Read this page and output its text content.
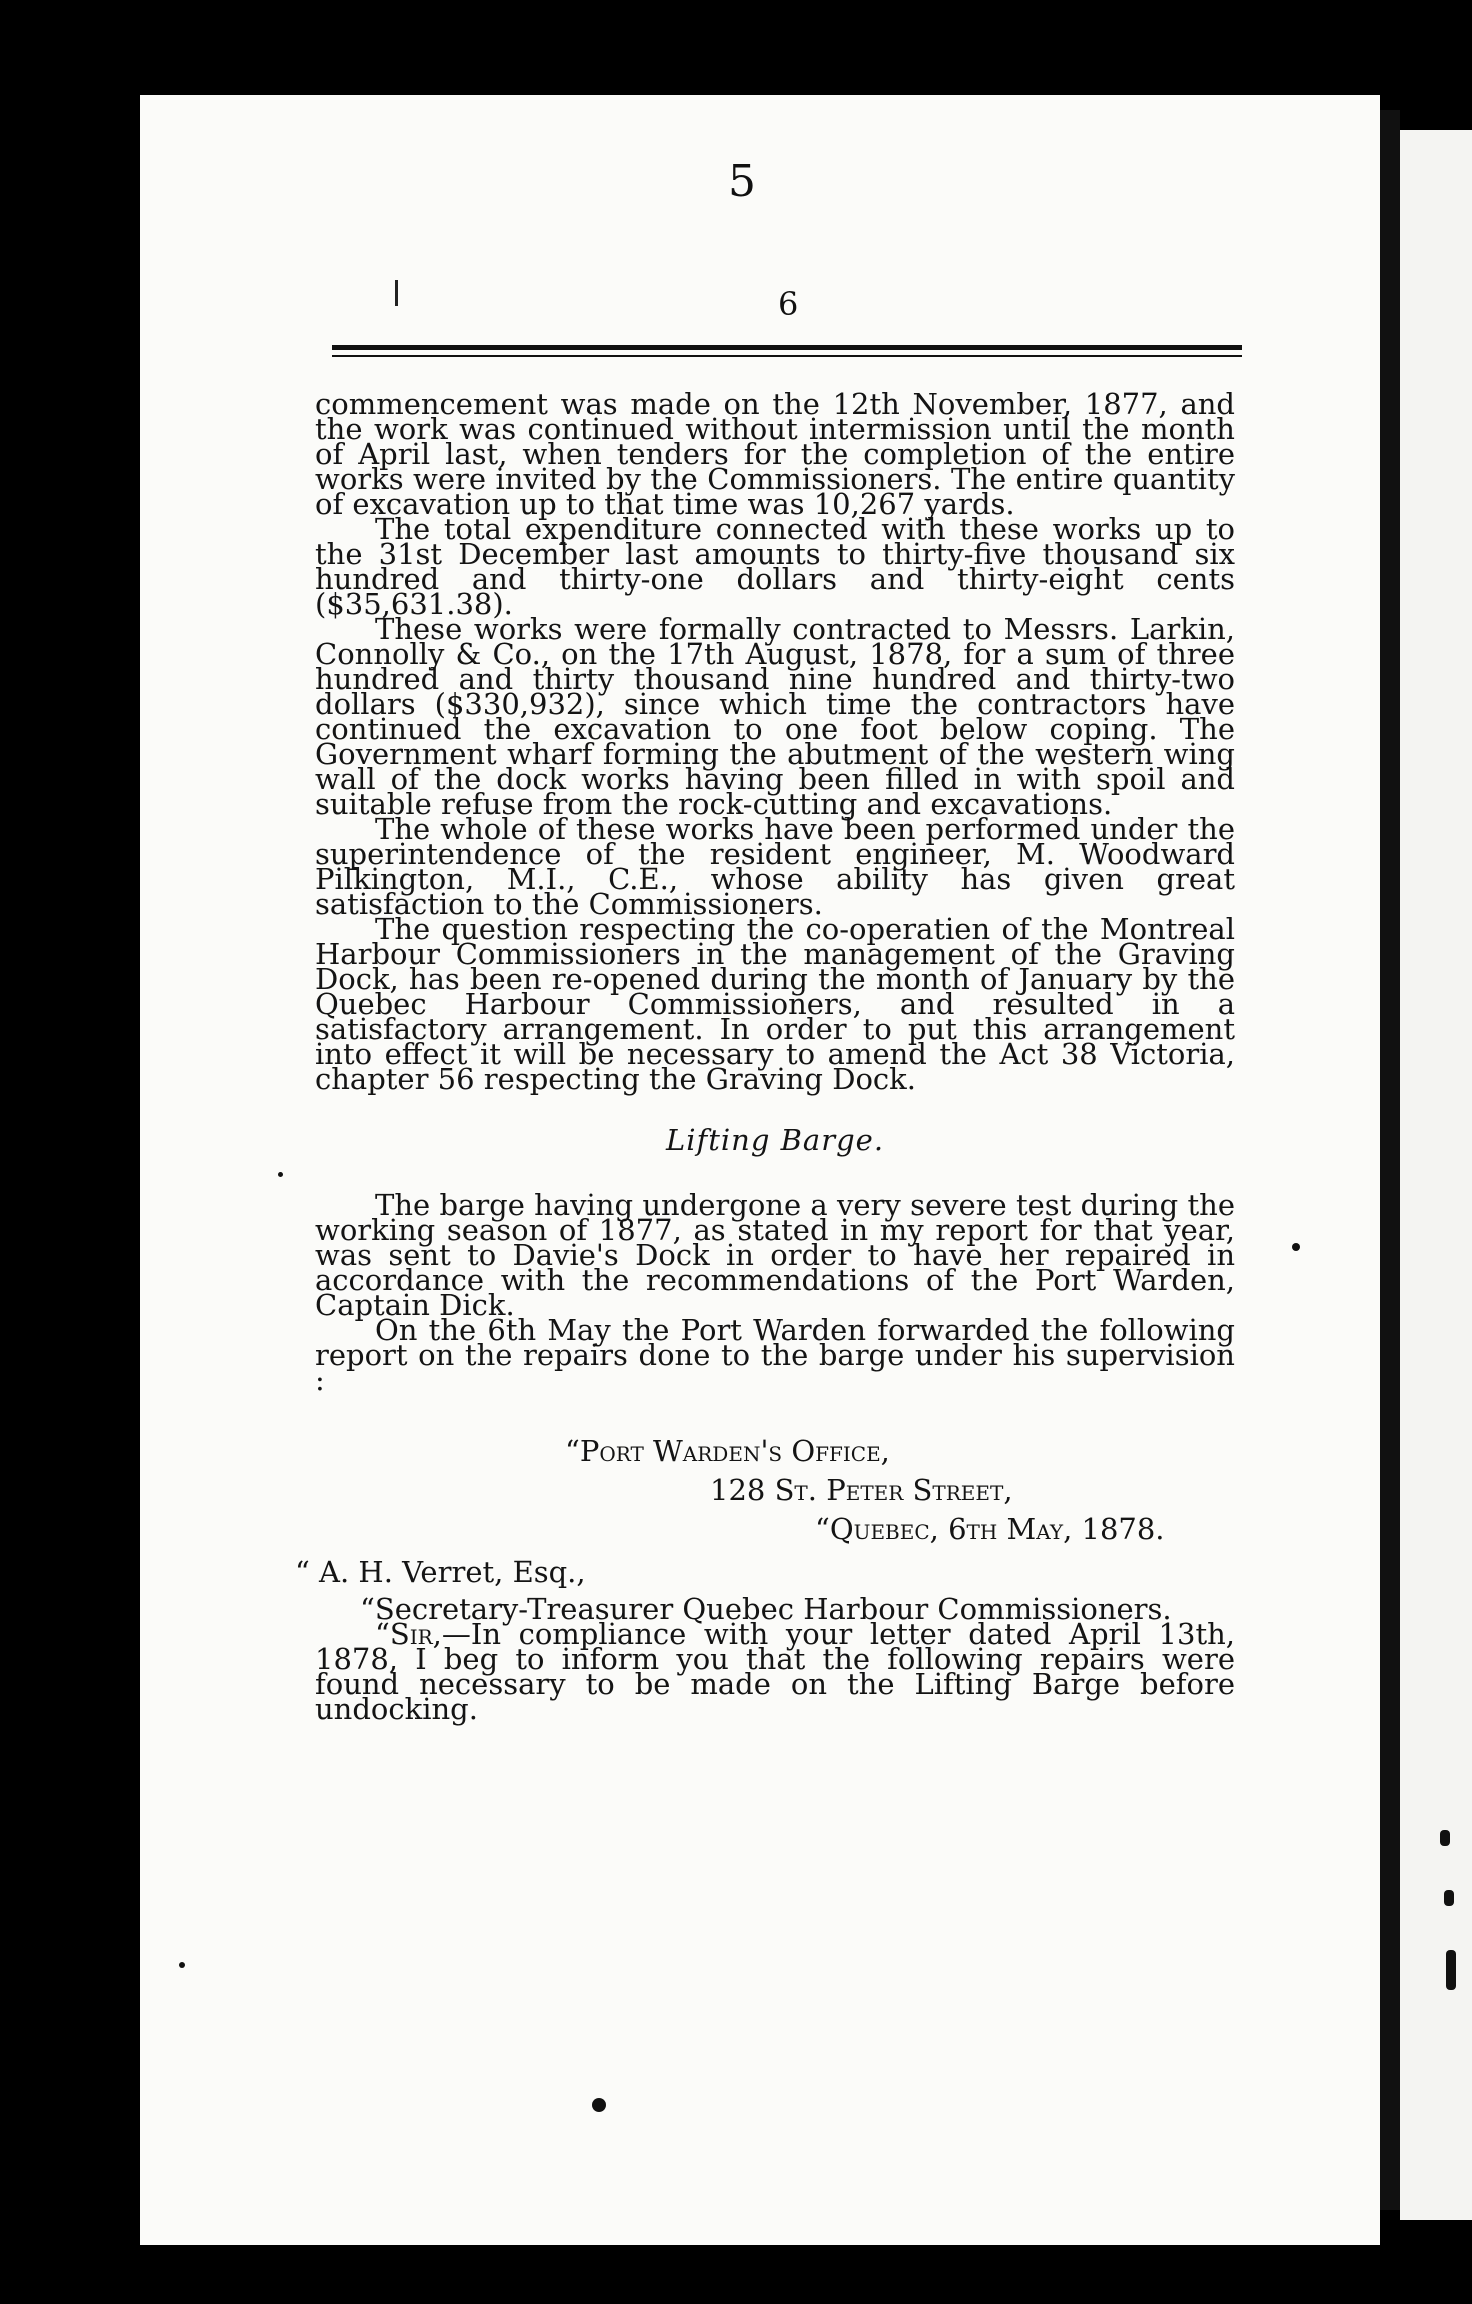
5
6

commencement was made on the 12th November, 1877, and the work was continued without intermission until the month of April last, when tenders for the completion of the entire works were invited by the Commissioners. The entire quantity of excavation up to that time was 10,267 yards.

The total expenditure connected with these works up to the 31st December last amounts to thirty-five thousand six hundred and thirty-one dollars and thirty-eight cents ($35,631.38).

These works were formally contracted to Messrs. Larkin, Connolly & Co., on the 17th August, 1878, for a sum of three hundred and thirty thousand nine hundred and thirty-two dollars ($330,932), since which time the contractors have continued the excavation to one foot below coping. The Government wharf forming the abutment of the western wing wall of the dock works having been filled in with spoil and suitable refuse from the rock-cutting and excavations.

The whole of these works have been performed under the superintendence of the resident engineer, M. Woodward Pilkington, M.I., C.E., whose ability has given great satisfaction to the Commissioners.

The question respecting the co-operatien of the Montreal Harbour Commissioners in the management of the Graving Dock, has been re-opened during the month of January by the Quebec Harbour Commissioners, and resulted in a satisfactory arrangement. In order to put this arrangement into effect it will be necessary to amend the Act 38 Victoria, chapter 56 respecting the Graving Dock.

Lifting Barge.

The barge having undergone a very severe test during the working season of 1877, as stated in my report for that year, was sent to Davie's Dock in order to have her repaired in accordance with the recommendations of the Port Warden, Captain Dick.

On the 6th May the Port Warden forwarded the following report on the repairs done to the barge under his supervision :

“Port Warden's Office,
128 St. Peter Street,
“Quebec, 6th May, 1878.
“ A. H. Verret, Esq.,
“Secretary-Treasurer Quebec Harbour Commissioners.

“Sir,—In compliance with your letter dated April 13th, 1878, I beg to inform you that the following repairs were found necessary to be made on the Lifting Barge before undocking.
